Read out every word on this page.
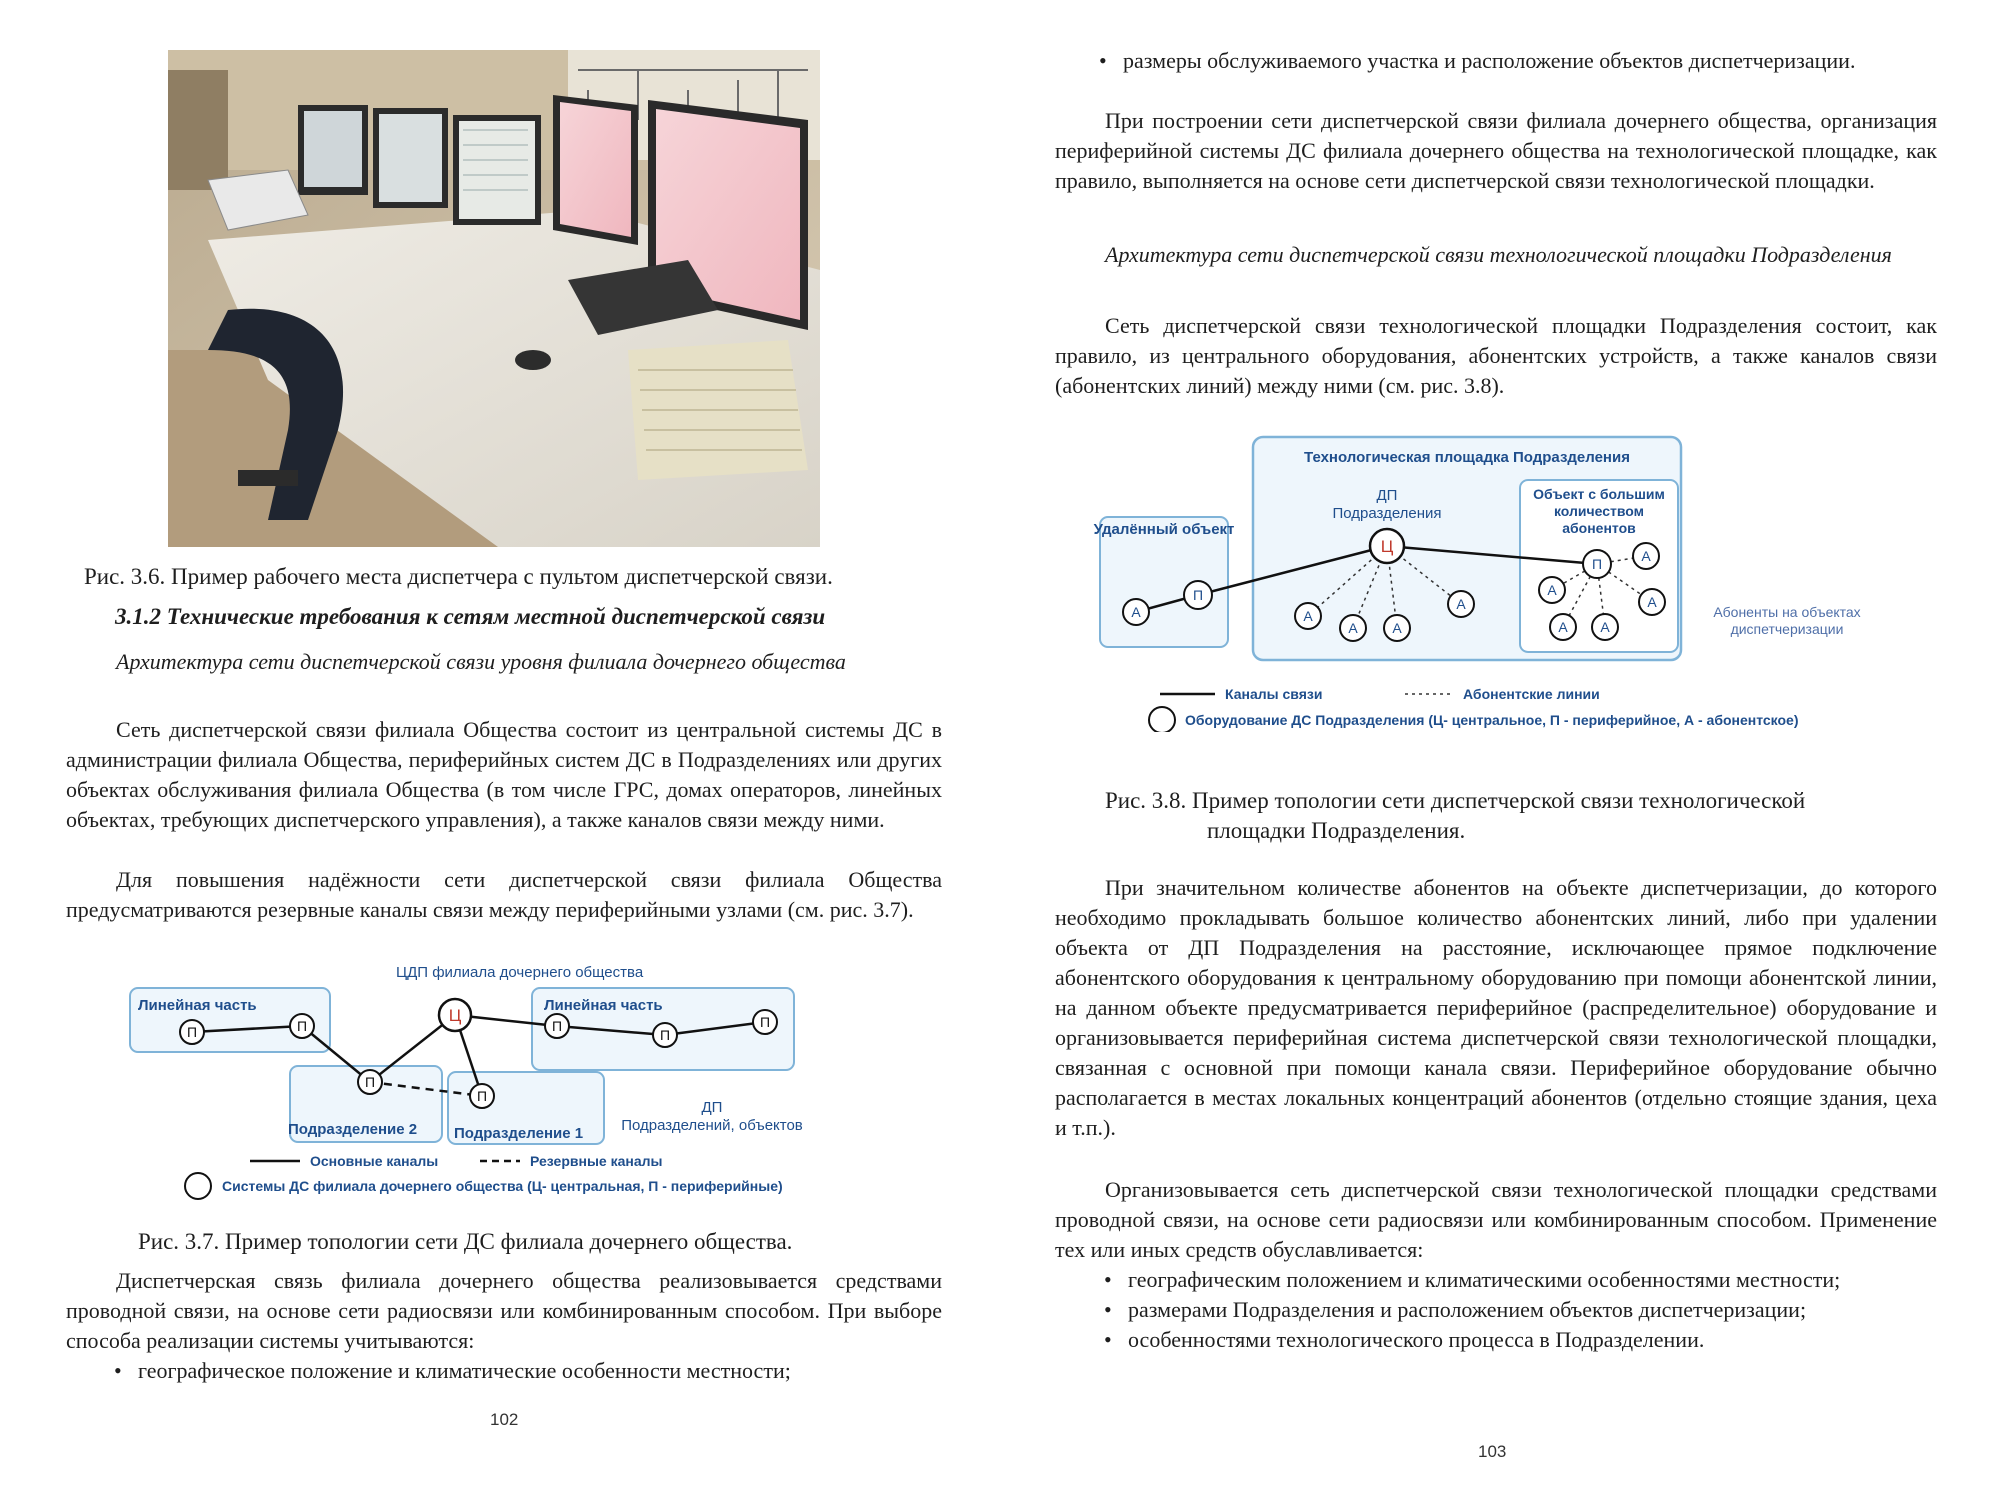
Рис. 3.6. Пример рабочего места диспетчера с пультом диспетчерской связи.

3.1.2 Технические требования к сетям местной диспетчерской связи

Архитектура сети диспетчерской связи уровня филиала дочернего общества

Сеть диспетчерской связи филиала Общества состоит из центральной системы ДС в администрации филиала Общества, периферийных систем ДС в Подразделениях или других объектах обслуживания филиала Общества (в том числе ГРС, домах операторов, линейных объектах, требующих диспетчерского управления), а также каналов связи между ними.

Для повышения надёжности сети диспетчерской связи филиала Общества предусматриваются резервные каналы связи между периферийными узлами (см. рис. 3.7).

ЦДП филиала дочернего общества
Линейная часть	Линейная часть
Подразделение 2 Подразделение 1
ДП
Подразделений, объектов
П	П
П
Ц
П
П
П
П
Основные каналы	Резервные каналы
Системы ДС филиала дочернего общества (Ц- центральная, П - периферийные)

Рис. 3.7. Пример топологии сети ДС филиала дочернего общества.

Диспетчерская связь филиала дочернего общества реализовывается средствами проводной связи, на основе сети радиосвязи или комбинированным способом. При выборе способа реализации системы учитываются:

• географическое положение и климатические особенности местности;
102
• размеры обслуживаемого участка и расположение объектов диспетчеризации.

При построении сети диспетчерской связи филиала дочернего общества, организация периферийной системы ДС филиала дочернего общества на технологической площадке, как правило, выполняется на основе сети диспетчерской связи технологической площадки.

Архитектура сети диспетчерской связи технологической площадки Подразделения

Сеть диспетчерской связи технологической площадки Подразделения состоит, как правило, из центрального оборудования, абонентских устройств, а также каналов связи (абонентских линий) между ними (см. рис. 3.8).

Технологическая площадка Подразделения
Удалённый объект
ДП
Подразделения
Объект с большим количеством абонентов
Абоненты на объектах
диспетчеризации
А
П
Ц
А
А А
А
П	А
А
А
А А
Каналы связи	Абонентские линии
Оборудование ДС Подразделения (Ц- центральное, П - периферийное, А - абонентское)

Рис. 3.8. Пример топологии сети диспетчерской связи технологической

площадки Подразделения.

При значительном количестве абонентов на объекте диспетчеризации, до которого необходимо прокладывать большое количество абонентских линий, либо при удалении объекта от ДП Подразделения на расстояние, исключающее прямое подключение абонентского оборудования к центральному оборудованию при помощи абонентской линии, на данном объекте предусматривается периферийное (распределительное) оборудование и организовывается периферийная система диспетчерской связи технологической площадки, связанная с основной при помощи канала связи. Периферийное оборудование обычно располагается в местах локальных концентраций абонентов (отдельно стоящие здания, цеха и т.п.).

Организовывается сеть диспетчерской связи технологической площадки средствами проводной связи, на основе сети радиосвязи или комбинированным способом. Применение тех или иных средств обуславливается:

• географическим положением и климатическими особенностями местности;
• размерами Подразделения и расположением объектов диспетчеризации;
• особенностями технологического процесса в Подразделении.
103
